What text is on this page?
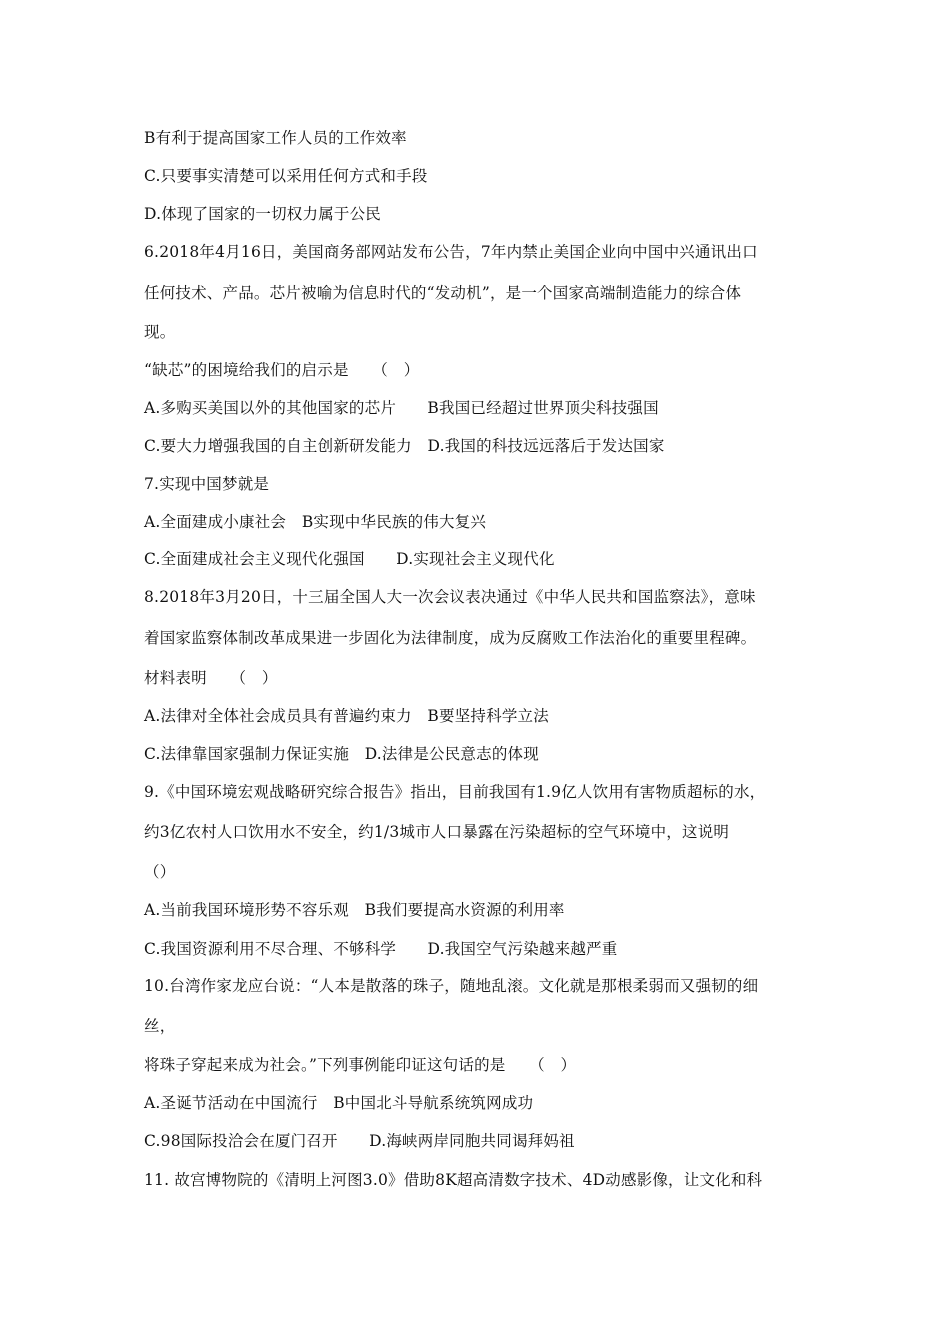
B有利于提高国家工作人员的工作效率
C.只要事实清楚可以采用任何方式和手段
D.体现了国家的一切权力属于公民
6.2018年4月16日，美国商务部网站发布公告，7年内禁止美国企业向中国中兴通讯出口
任何技术、产品。芯片被喻为信息时代的“发动机”，是一个国家高端制造能力的综合体
现。
“缺芯”的困境给我们的启示是　　（　）
A.多购买美国以外的其他国家的芯片　　B我国已经超过世界顶尖科技强国
C.要大力增强我国的自主创新研发能力　D.我国的科技远远落后于发达国家
7.实现中国梦就是
A.全面建成小康社会　B实现中华民族的伟大复兴
C.全面建成社会主义现代化强国　　D.实现社会主义现代化
8.2018年3月20日，十三届全国人大一次会议表决通过《中华人民共和国监察法》，意味
着国家监察体制改革成果进一步固化为法律制度，成为反腐败工作法治化的重要里程碑。
材料表明　　（　）
A.法律对全体社会成员具有普遍约束力　B要坚持科学立法
C.法律靠国家强制力保证实施　D.法律是公民意志的体现
9.《中国环境宏观战略研究综合报告》指出，目前我国有1.9亿人饮用有害物质超标的水，
约3亿农村人口饮用水不安全，约1/3城市人口暴露在污染超标的空气环境中，这说明
（）
A.当前我国环境形势不容乐观　B我们要提高水资源的利用率
C.我国资源利用不尽合理、不够科学　　D.我国空气污染越来越严重
10.台湾作家龙应台说：“人本是散落的珠子，随地乱滚。文化就是那根柔弱而又强韧的细
丝，
将珠子穿起来成为社会。”下列事例能印证这句话的是　　（　）
A.圣诞节活动在中国流行　B中国北斗导航系统筑网成功
C.98国际投洽会在厦门召开　　D.海峡两岸同胞共同谒拜妈祖
11. 故宫博物院的《清明上河图3.0》借助8K超高清数字技术、4D动感影像，让文化和科
